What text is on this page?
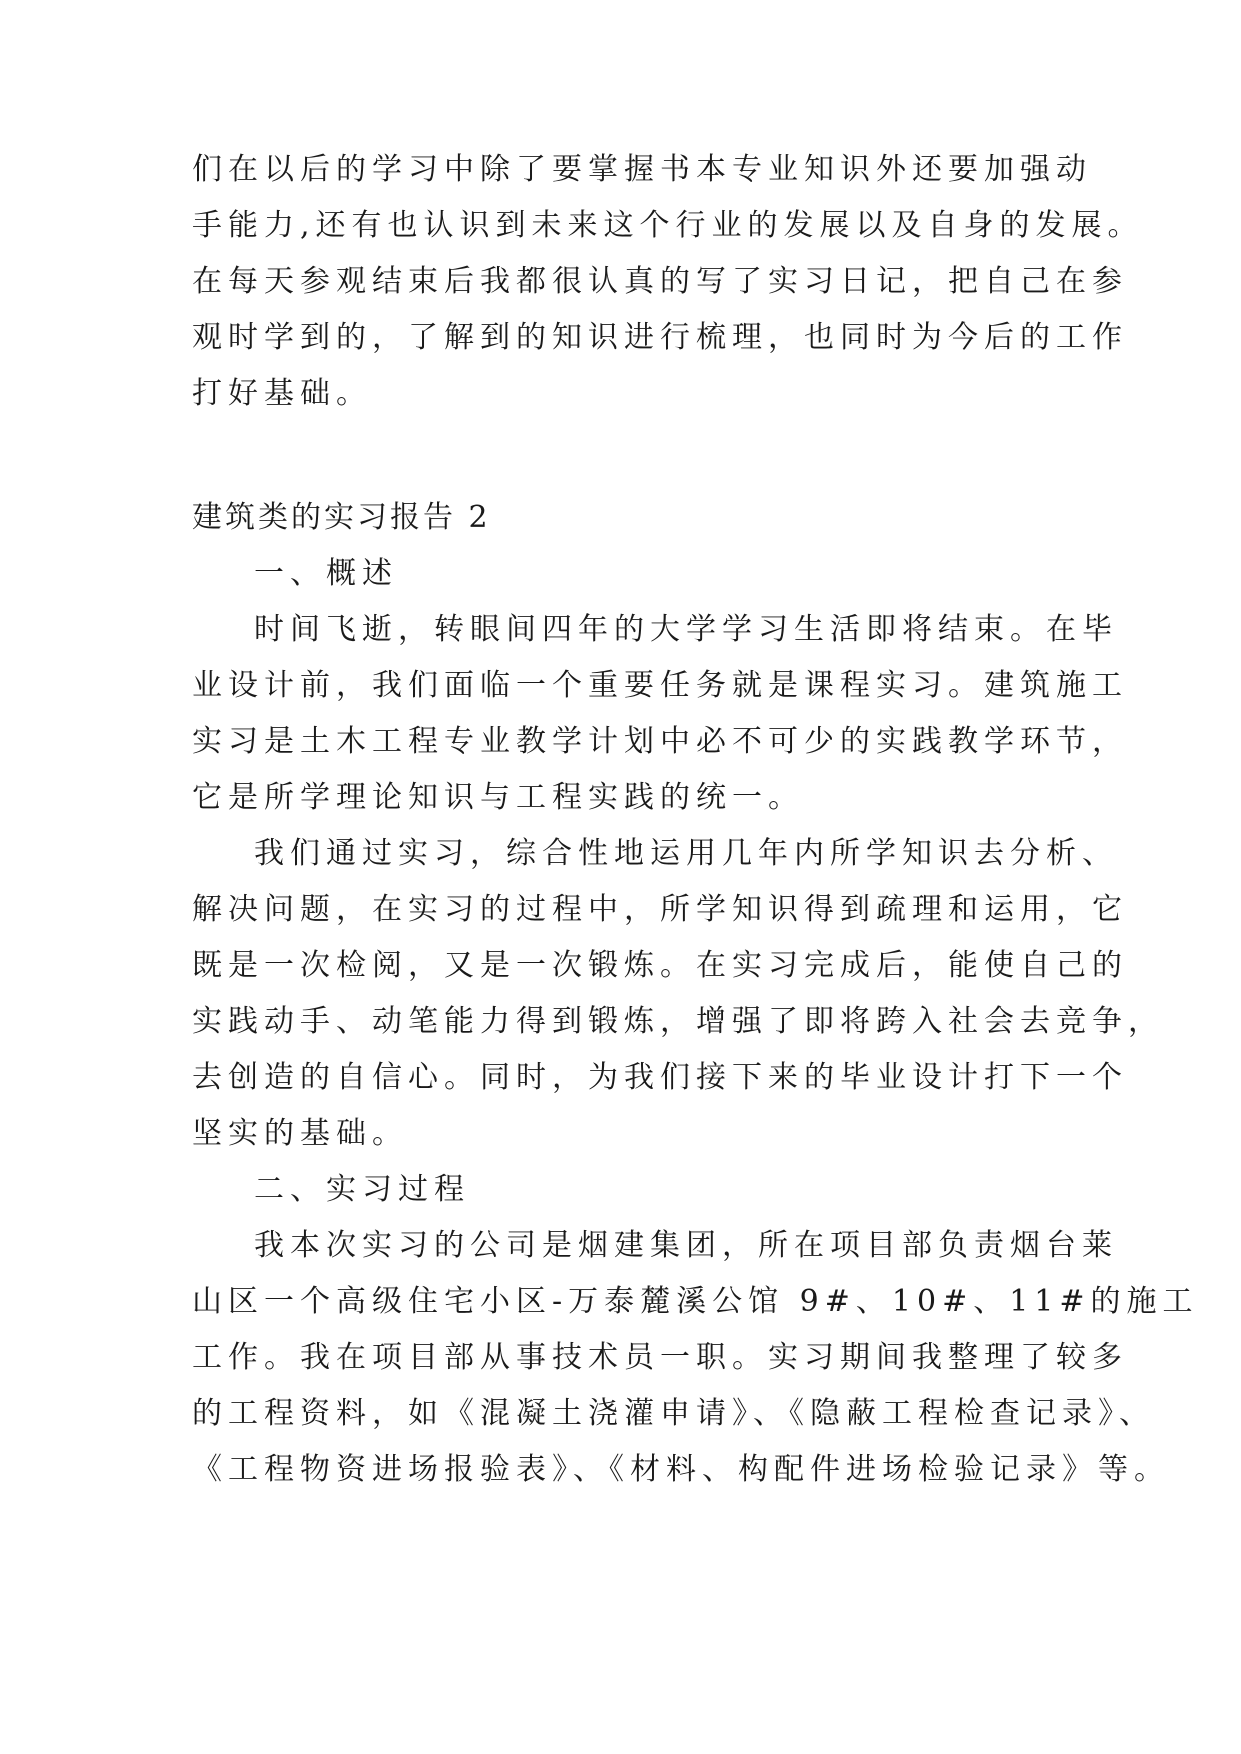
们在以后的学习中除了要掌握书本专业知识外还要加强动
手能力,还有也认识到未来这个行业的发展以及自身的发展。
在每天参观结束后我都很认真的写了实习日记，把自己在参
观时学到的，了解到的知识进行梳理，也同时为今后的工作
打好基础。
建筑类的实习报告 2
一、概述
时间飞逝，转眼间四年的大学学习生活即将结束。在毕
业设计前，我们面临一个重要任务就是课程实习。建筑施工
实习是土木工程专业教学计划中必不可少的实践教学环节，
它是所学理论知识与工程实践的统一。
我们通过实习，综合性地运用几年内所学知识去分析、
解决问题，在实习的过程中，所学知识得到疏理和运用，它
既是一次检阅，又是一次锻炼。在实习完成后，能使自己的
实践动手、动笔能力得到锻炼，增强了即将跨入社会去竞争，
去创造的自信心。同时，为我们接下来的毕业设计打下一个
坚实的基础。
二、实习过程
我本次实习的公司是烟建集团，所在项目部负责烟台莱
山区一个高级住宅小区-万泰麓溪公馆 9#、10#、11#的施工
工作。我在项目部从事技术员一职。实习期间我整理了较多
的工程资料，如《混凝土浇灌申请》、《隐蔽工程检查记录》、
《工程物资进场报验表》、《材料、构配件进场检验记录》等。
